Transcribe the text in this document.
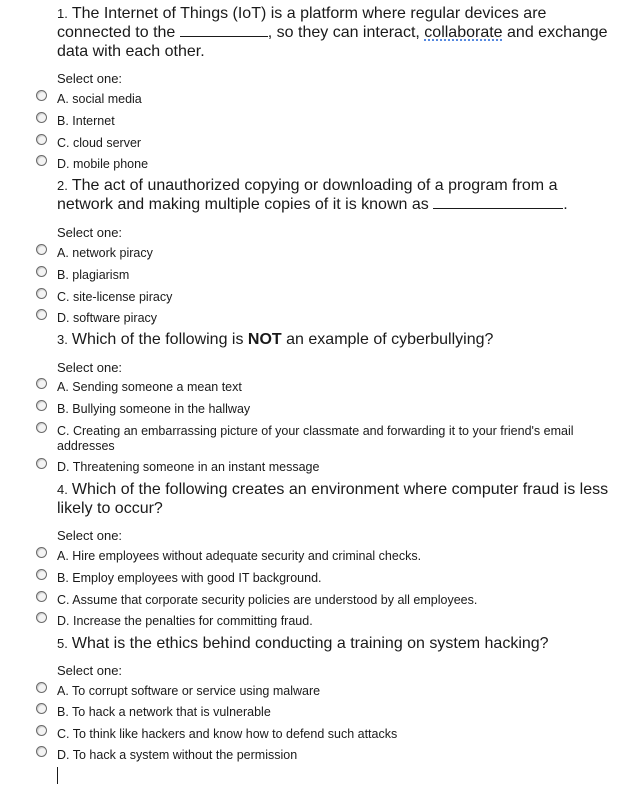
1. The Internet of Things (IoT) is a platform where regular devices are connected to the	, so they can interact, collaborate and exchange data with each other.
Select one:
A. social media
B. Internet
C. cloud server
D. mobile phone
2. The act of unauthorized copying or downloading of a program from a network and making multiple copies of it is known as	.
Select one:
A. network piracy
B. plagiarism
C. site-license piracy
D. software piracy
3. Which of the following is NOT an example of cyberbullying?
Select one:
A. Sending someone a mean text
B. Bullying someone in the hallway
C. Creating an embarrassing picture of your classmate and forwarding it to your friend's email addresses
D. Threatening someone in an instant message
4. Which of the following creates an environment where computer fraud is less likely to occur?
Select one:
A. Hire employees without adequate security and criminal checks.
B. Employ employees with good IT background.
C. Assume that corporate security policies are understood by all employees.
D. Increase the penalties for committing fraud.
5. What is the ethics behind conducting a training on system hacking?
Select one:
A. To corrupt software or service using malware
B. To hack a network that is vulnerable
C. To think like hackers and know how to defend such attacks
D. To hack a system without the permission
